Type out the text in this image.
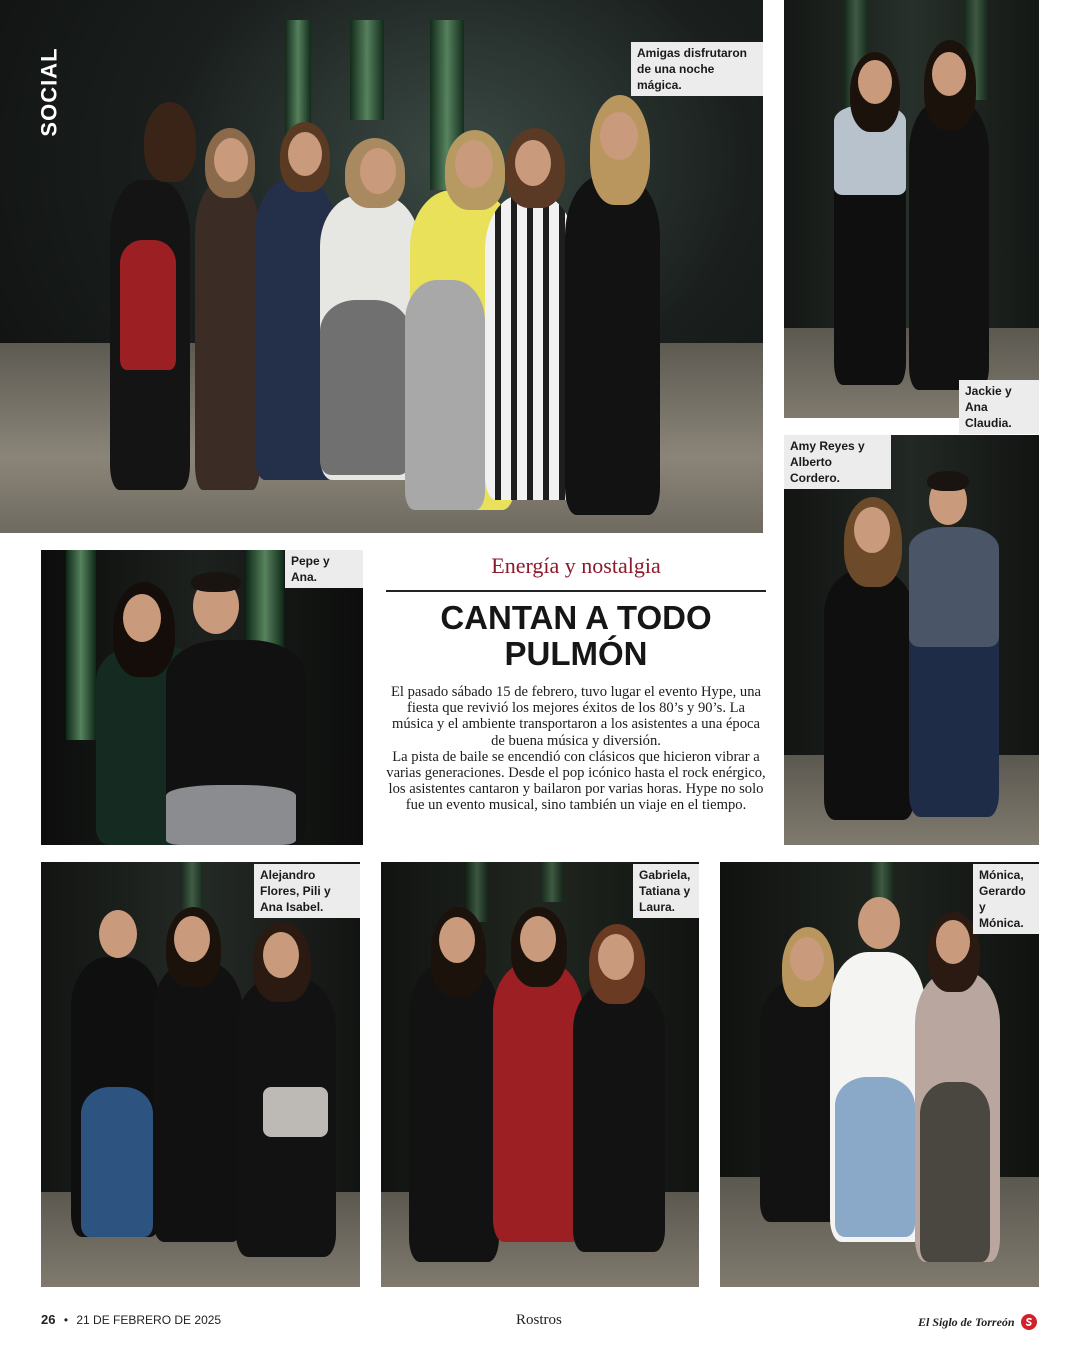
SOCIAL	Amigas disfrutaron de una noche mágica.
Jackie y Ana Claudia.
Amy Reyes y Alberto Cordero.
Pepe y Ana.	Energía y nostalgia
CANTAN A TODO PULMÓN

El pasado sábado 15 de febrero, tuvo lugar el evento Hype, una fiesta que revivió los mejores éxitos de los 80’s y 90’s. La música y el ambiente transportaron a los asistentes a una época de buena música y diversión.

La pista de baile se encendió con clásicos que hicieron vibrar a varias generaciones. Desde el pop icónico hasta el rock enérgico, los asistentes cantaron y bailaron por varias horas. Hype no solo fue un evento musical, sino también un viaje en el tiempo.

Alejandro Flores, Pili y Ana Isabel.
Gabriela, Tatiana y Laura.
Mónica, Gerardo y Mónica.
26 • 21 DE FEBRERO DE 2025	Rostros	El Siglo de Torreón
